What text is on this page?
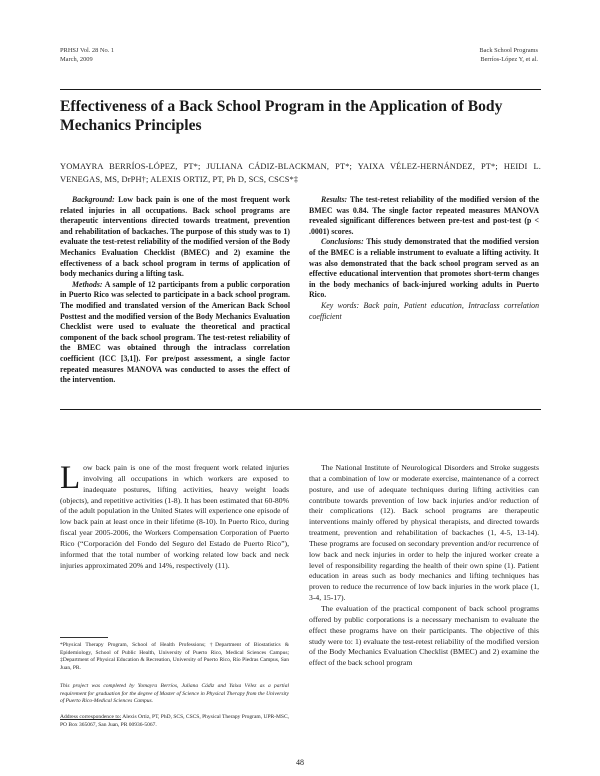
PRHSJ Vol. 28 No. 1
March, 2009
Back School Programs
Berríos-López Y, et al.
Effectiveness of a Back School Program in the Application of Body Mechanics Principles
YOMAYRA BERRÍOS-LÓPEZ, PT*; JULIANA CÁDIZ-BLACKMAN, PT*; YAIXA VÉLEZ-HERNÁNDEZ, PT*; HEIDI L. VENEGAS, MS, DrPH†; ALEXIS ORTIZ, PT, Ph D, SCS, CSCS*‡

Background: Low back pain is one of the most frequent work related injuries in all occupations. Back school programs are therapeutic interventions directed towards treatment, prevention and rehabilitation of backaches. The purpose of this study was to 1) evaluate the test-retest reliability of the modified version of the Body Mechanics Evaluation Checklist (BMEC) and 2) examine the effectiveness of a back school program in terms of application of body mechanics during a lifting task.

Methods: A sample of 12 participants from a public corporation in Puerto Rico was selected to participate in a back school program. The modified and translated version of the American Back School Posttest and the modified version of the Body Mechanics Evaluation Checklist were used to evaluate the theoretical and practical component of the back school program. The test-retest reliability of the BMEC was obtained through the intraclass correlation coefficient (ICC [3,1]). For pre/post assessment, a single factor repeated measures MANOVA was conducted to asses the effect of the intervention.

Results: The test-retest reliability of the modified version of the BMEC was 0.84. The single factor repeated measures MANOVA revealed significant differences between pre-test and post-test (p < .0001) scores.

Conclusions: This study demonstrated that the modified version of the BMEC is a reliable instrument to evaluate a lifting activity. It was also demonstrated that the back school program served as an effective educational intervention that promotes short-term changes in the body mechanics of back-injured working adults in Puerto Rico.

Key words: Back pain, Patient education, Intraclass correlation coefficient

Low back pain is one of the most frequent work related injuries involving all occupations in which workers are exposed to inadequate postures, lifting activities, heavy weight loads (objects), and repetitive activities (1-8). It has been estimated that 60-80% of the adult population in the United States will experience one episode of low back pain at least once in their lifetime (8-10). In Puerto Rico, during fiscal year 2005-2006, the Workers Compensation Corporation of Puerto Rico (“Corporación del Fondo del Seguro del Estado de Puerto Rico”), informed that the total number of working related low back and neck injuries approximated 20% and 14%, respectively (11).

*Physical Therapy Program, School of Health Professions; †Department of Biostatistics & Epidemiology, School of Public Health, University of Puerto Rico, Medical Sciences Campus; ‡Department of Physical Education & Recreation, University of Puerto Rico, Río Piedras Campus, San Juan, PR.
This project was completed by Yomayra Berríos, Juliana Cádiz and Yaixa Vélez as a partial requirement for graduation for the degree of Master of Science in Physical Therapy from the University of Puerto Rico-Medical Sciences Campus.
Address correspondence to: Alexis Ortiz, PT, PhD, SCS, CSCS, Physical Therapy Program, UPR-MSC, PO Box 365067, San Juan, PR 00936-5067.

The National Institute of Neurological Disorders and Stroke suggests that a combination of low or moderate exercise, maintenance of a correct posture, and use of adequate techniques during lifting activities can contribute towards prevention of low back injuries and/or reduction of their complications (12). Back school programs are therapeutic interventions mainly offered by physical therapists, and directed towards treatment, prevention and rehabilitation of backaches (1, 4-5, 13-14). These programs are focused on secondary prevention and/or recurrence of low back and neck injuries in order to help the injured worker create a level of responsibility regarding the health of their own spine (1). Patient education in areas such as body mechanics and lifting techniques has proven to reduce the recurrence of low back injuries in the work place (1, 3-4, 15-17).

The evaluation of the practical component of back school programs offered by public corporations is a necessary mechanism to evaluate the effect these programs have on their participants. The objective of this study were to: 1) evaluate the test-retest reliability of the modified version of the Body Mechanics Evaluation Checklist (BMEC) and 2) examine the effect of the back school program

48
